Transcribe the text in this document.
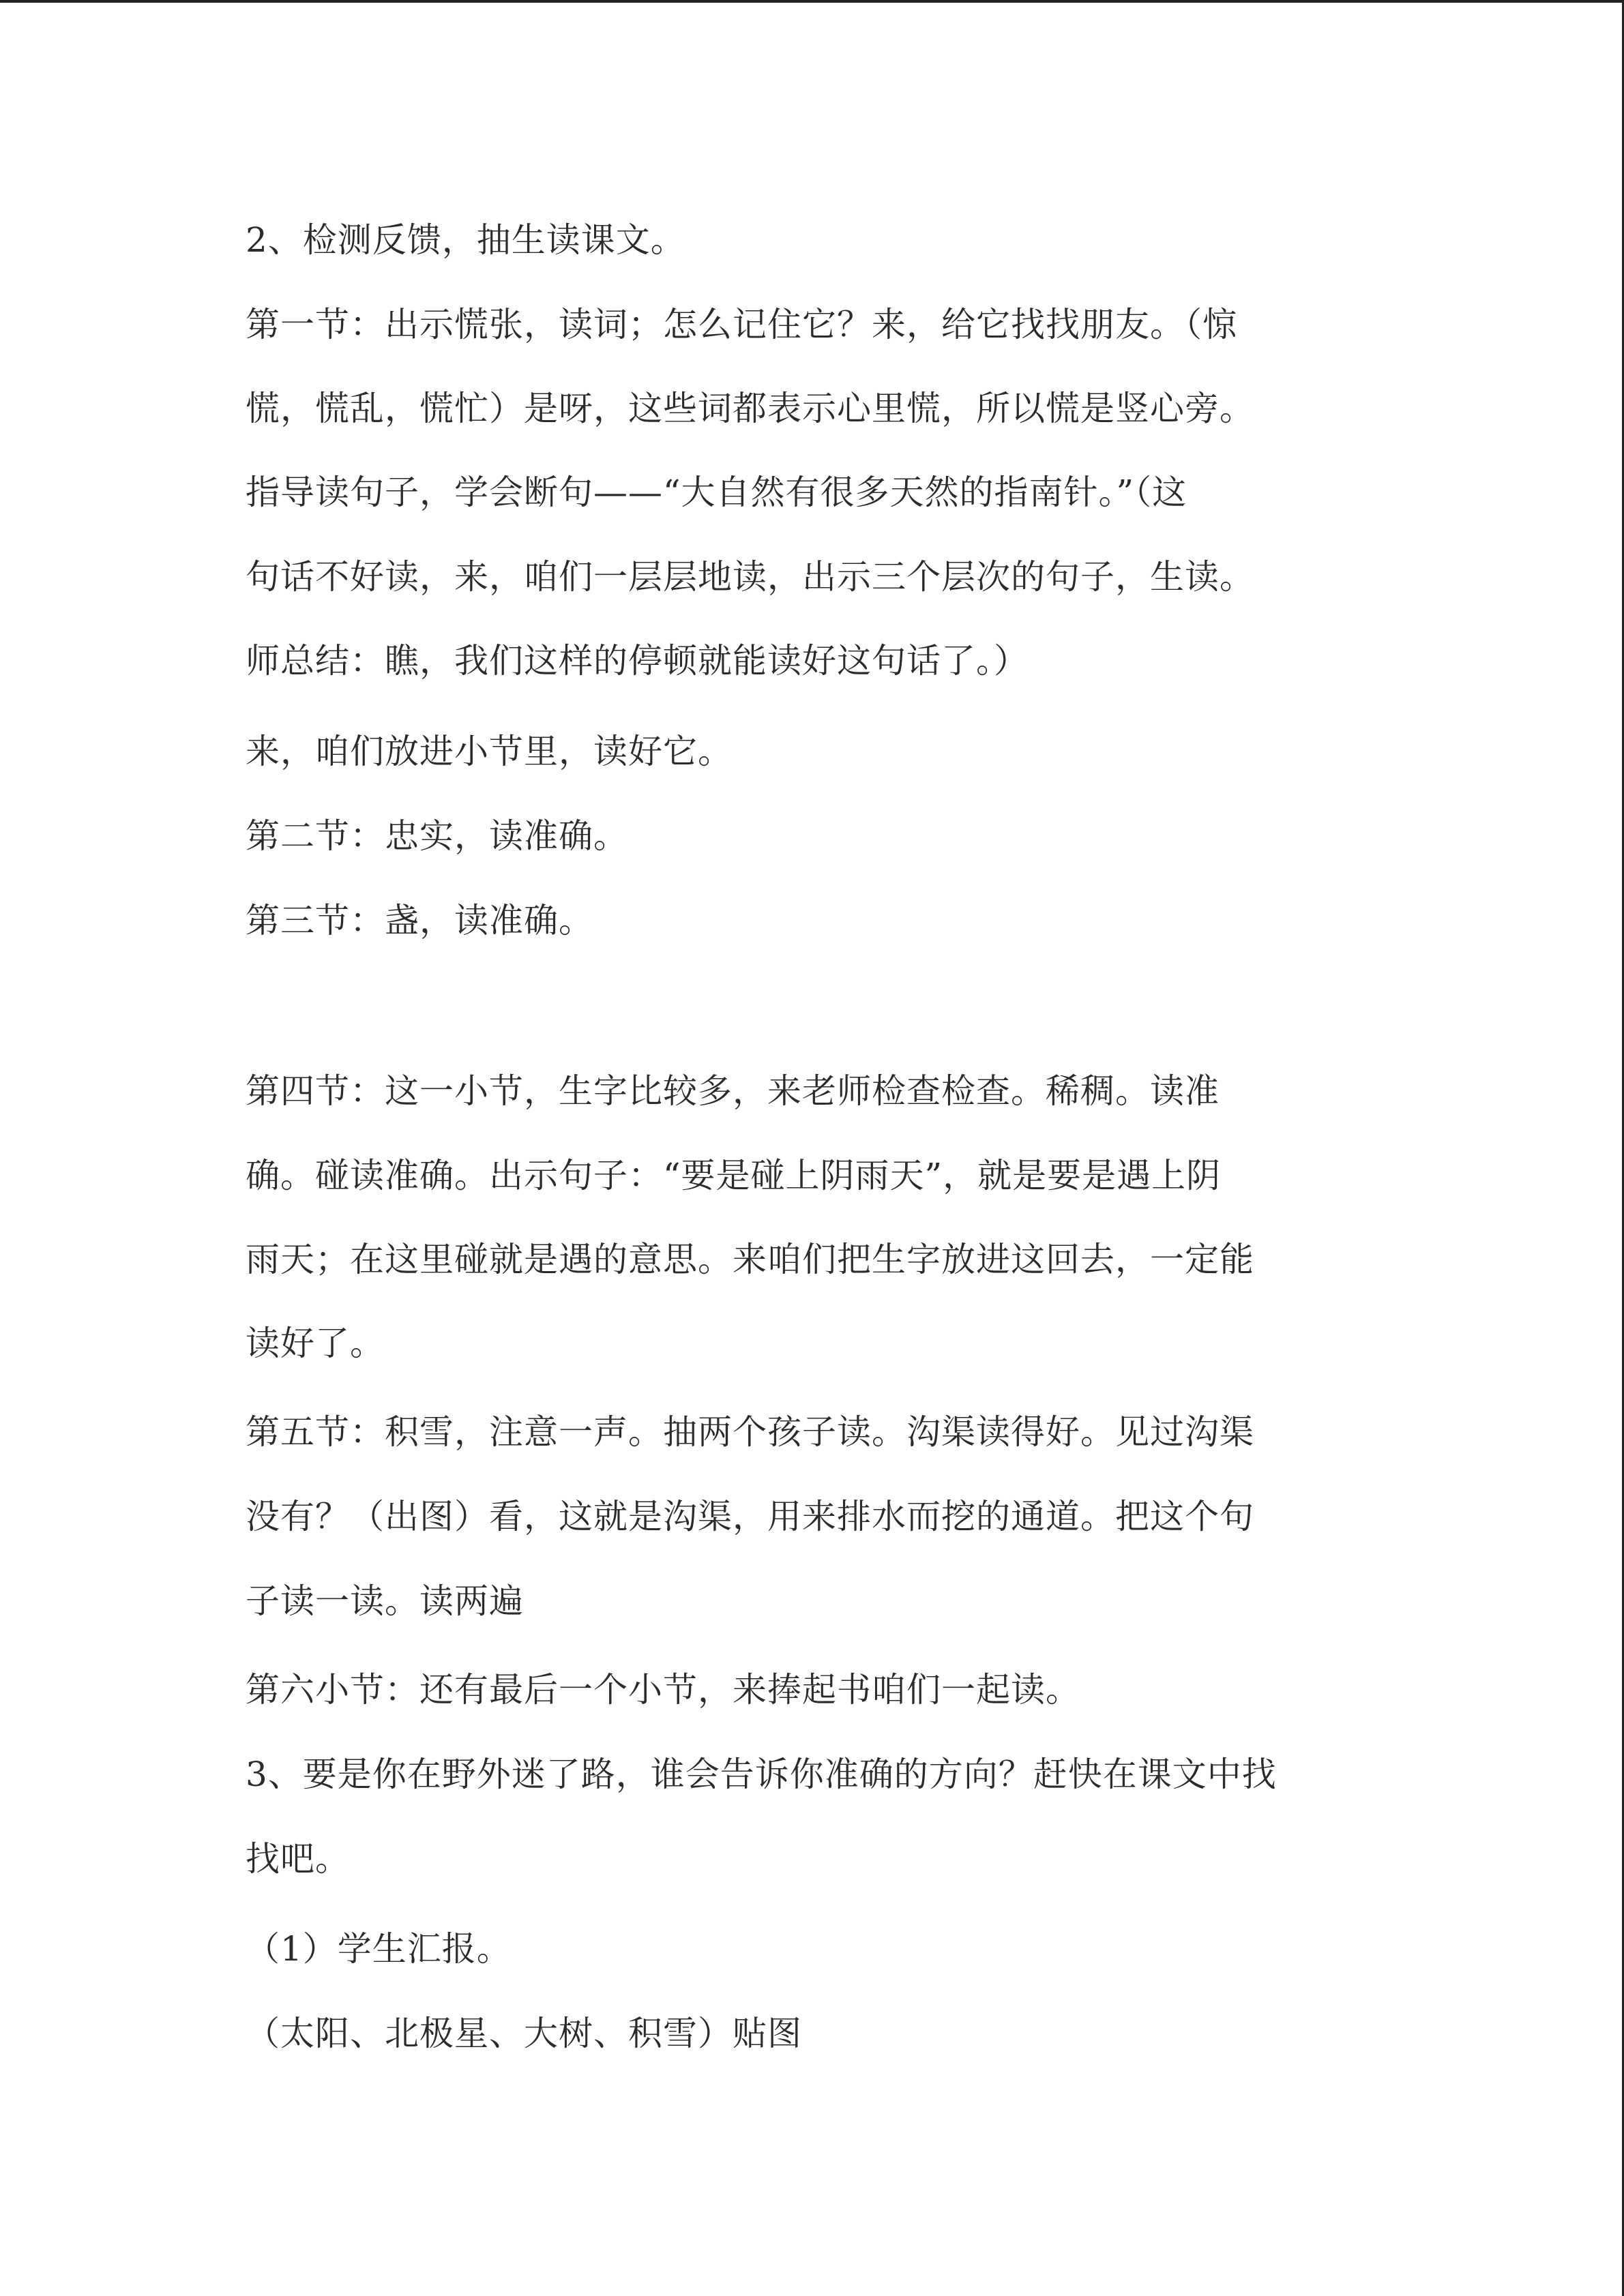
2、检测反馈，抽生读课文。
第一节：出示慌张，读词；怎么记住它？来，给它找找朋友。（惊
慌，慌乱，慌忙）是呀，这些词都表示心里慌，所以慌是竖心旁。
指导读句子，学会断句——“大自然有很多天然的指南针。”（这
句话不好读，来，咱们一层层地读，出示三个层次的句子，生读。
师总结：瞧，我们这样的停顿就能读好这句话了。）
来，咱们放进小节里，读好它。
第二节：忠实，读准确。
第三节：盏，读准确。
第四节：这一小节，生字比较多，来老师检查检查。稀稠。读准
确。碰读准确。出示句子：“要是碰上阴雨天”，就是要是遇上阴
雨天；在这里碰就是遇的意思。来咱们把生字放进这回去，一定能
读好了。
第五节：积雪，注意一声。抽两个孩子读。沟渠读得好。见过沟渠
没有？（出图）看，这就是沟渠，用来排水而挖的通道。把这个句
子读一读。读两遍
第六小节：还有最后一个小节，来捧起书咱们一起读。
3、要是你在野外迷了路，谁会告诉你准确的方向？赶快在课文中找
找吧。
（1）学生汇报。
（太阳、北极星、大树、积雪）贴图
